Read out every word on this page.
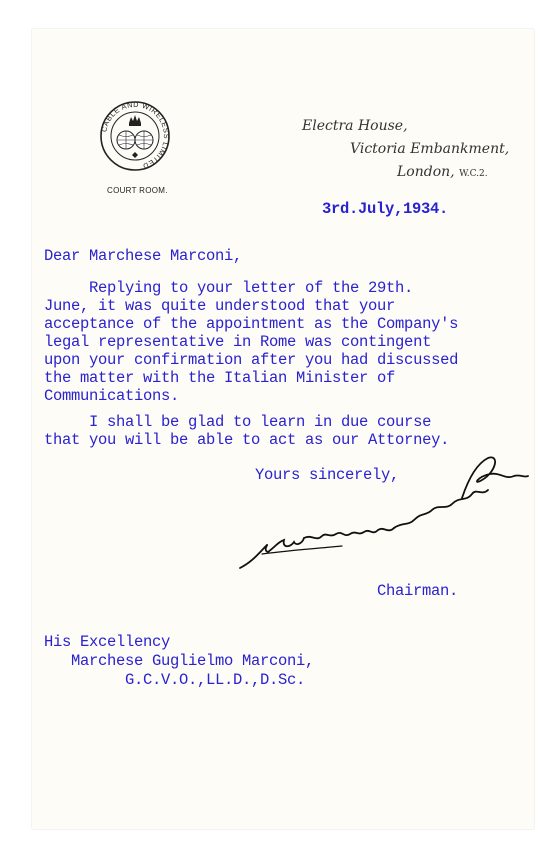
CABLE AND WIRELESS LIMITED
COURT ROOM.
Electra House,
Victoria Embankment,
London, W.C.2.
3rd.July,1934.
Dear Marchese Marconi,
Replying to your letter of the 29th.
June, it was quite understood that your
acceptance of the appointment as the Company's
legal representative in Rome was contingent
upon your confirmation after you had discussed
the matter with the Italian Minister of
Communications.
I shall be glad to learn in due course
that you will be able to act as our Attorney.
Yours sincerely,
Chairman.
His Excellency
Marchese Guglielmo Marconi,
G.C.V.O.,LL.D.,D.Sc.
